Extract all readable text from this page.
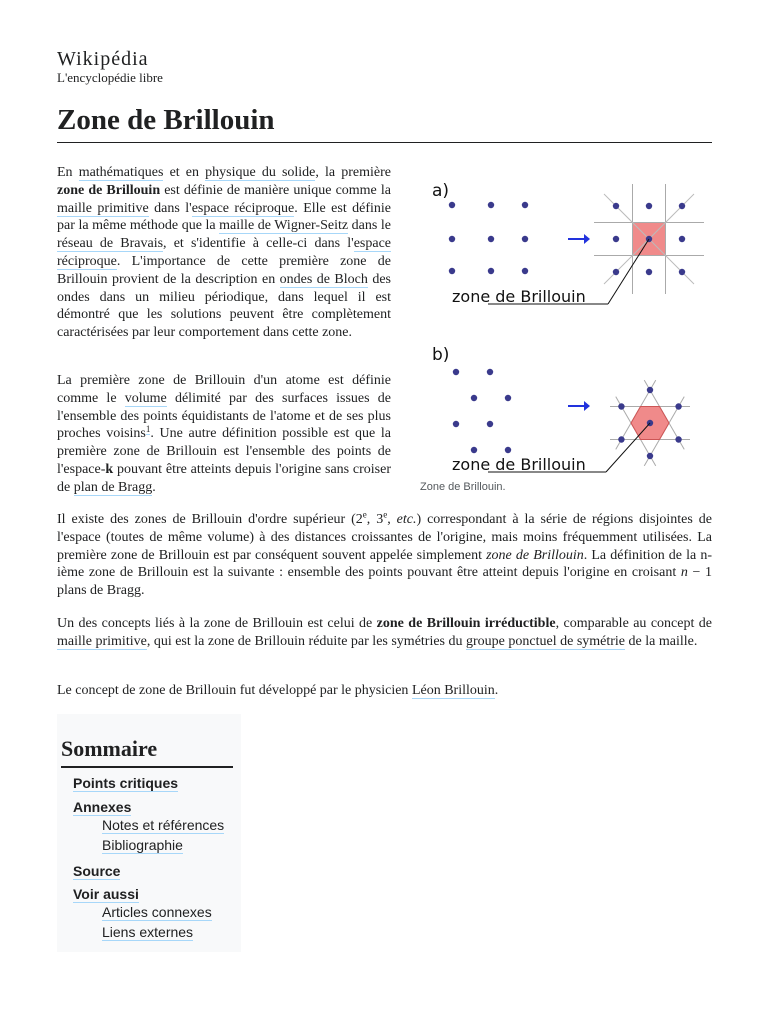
Wikipédia
L'encyclopédie libre
Zone de Brillouin

En mathématiques et en physique du solide, la première zone de Brillouin est définie de manière unique comme la maille primitive dans l'espace réciproque. Elle est définie par la même méthode que la maille de Wigner-Seitz dans le réseau de Bravais, et s'identifie à celle-ci dans l'espace réciproque. L'importance de cette première zone de Brillouin provient de la description en ondes de Bloch des ondes dans un milieu périodique, dans lequel il est démontré que les solutions peuvent être complètement caractérisées par leur comportement dans cette zone.

La première zone de Brillouin d'un atome est définie comme le volume délimité par des surfaces issues de l'ensemble des points équidistants de l'atome et de ses plus proches voisins$^1$. Une autre définition possible est que la première zone de Brillouin est l'ensemble des points de l'espace-k pouvant être atteints depuis l'origine sans croiser de plan de Bragg.

Il existe des zones de Brillouin d'ordre supérieur (2e, 3e, etc.) correspondant à la série de régions disjointes de l'espace (toutes de même volume) à des distances croissantes de l'origine, mais moins fréquemment utilisées. La première zone de Brillouin est par conséquent souvent appelée simplement zone de Brillouin. La définition de la n-ième zone de Brillouin est la suivante : ensemble des points pouvant être atteint depuis l'origine en croisant n − 1 plans de Bragg.

Un des concepts liés à la zone de Brillouin est celui de zone de Brillouin irréductible, comparable au concept de maille primitive, qui est la zone de Brillouin réduite par les symétries du groupe ponctuel de symétrie de la maille.

Le concept de zone de Brillouin fut développé par le physicien Léon Brillouin.

a)
zone de Brillouin
b)
zone de Brillouin
Zone de Brillouin.
Sommaire
Points critiques
Annexes
Notes et références
Bibliographie
Source
Voir aussi
Articles connexes
Liens externes
